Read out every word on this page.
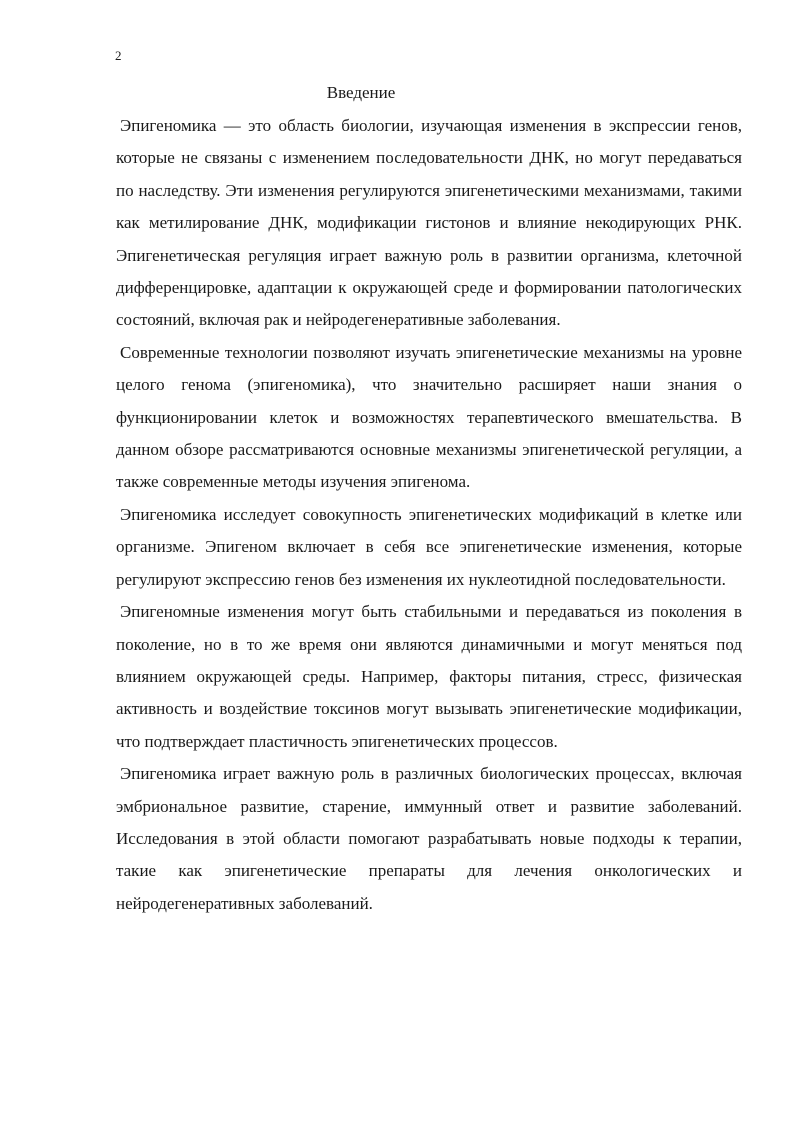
2
Введение

Эпигеномика — это область биологии, изучающая изменения в экспрессии генов, которые не связаны с изменением последовательности ДНК, но могут передаваться по наследству. Эти изменения регулируются эпигенетическими механизмами, такими как метилирование ДНК, модификации гистонов и влияние некодирующих РНК. Эпигенетическая регуляция играет важную роль в развитии организма, клеточной дифференцировке, адаптации к окружающей среде и формировании патологических состояний, включая рак и нейродегенеративные заболевания.

Современные технологии позволяют изучать эпигенетические механизмы на уровне целого генома (эпигеномика), что значительно расширяет наши знания о функционировании клеток и возможностях терапевтического вмешательства. В данном обзоре рассматриваются основные механизмы эпигенетической регуляции, а также современные методы изучения эпигенома.

Эпигеномика исследует совокупность эпигенетических модификаций в клетке или организме. Эпигеном включает в себя все эпигенетические изменения, которые регулируют экспрессию генов без изменения их нуклеотидной последовательности.

Эпигеномные изменения могут быть стабильными и передаваться из поколения в поколение, но в то же время они являются динамичными и могут меняться под влиянием окружающей среды. Например, факторы питания, стресс, физическая активность и воздействие токсинов могут вызывать эпигенетические модификации, что подтверждает пластичность эпигенетических процессов.

Эпигеномика играет важную роль в различных биологических процессах, включая эмбриональное развитие, старение, иммунный ответ и развитие заболеваний. Исследования в этой области помогают разрабатывать новые подходы к терапии, такие как эпигенетические препараты для лечения онкологических и нейродегенеративных заболеваний.
